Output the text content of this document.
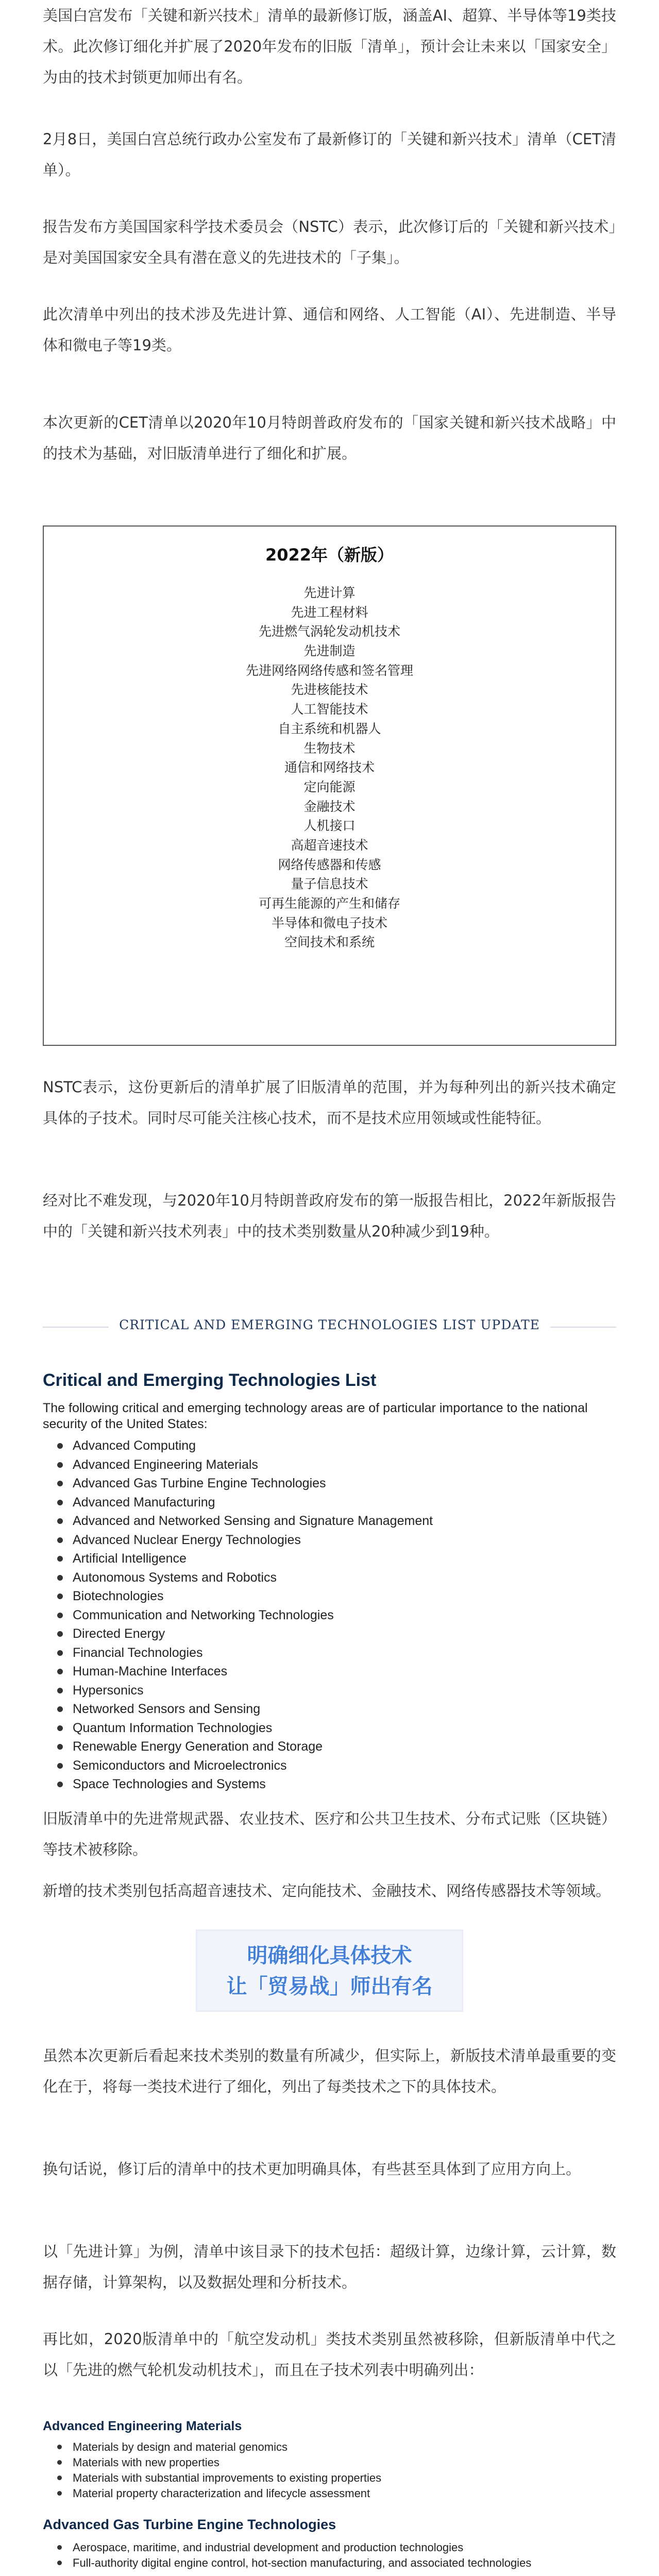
美国白宫发布「关键和新兴技术」清单的最新修订版，涵盖AI、超算、半导体等19类技术。此次修订细化并扩展了2020年发布的旧版「清单」，预计会让未来以「国家安全」为由的技术封锁更加师出有名。

2月8日，美国白宫总统行政办公室发布了最新修订的「关键和新兴技术」清单（CET清单）。

报告发布方美国国家科学技术委员会（NSTC）表示，此次修订后的「关键和新兴技术」是对美国国家安全具有潜在意义的先进技术的「子集」。

此次清单中列出的技术涉及先进计算、通信和网络、人工智能（AI）、先进制造、半导体和微电子等19类。

本次更新的CET清单以2020年10月特朗普政府发布的「国家关键和新兴技术战略」中的技术为基础，对旧版清单进行了细化和扩展。

2022年（新版）
先进计算
先进工程材料
先进燃气涡轮发动机技术
先进制造
先进网络网络传感和签名管理
先进核能技术
人工智能技术
自主系统和机器人
生物技术
通信和网络技术
定向能源
金融技术
人机接口
高超音速技术
网络传感器和传感
量子信息技术
可再生能源的产生和储存
半导体和微电子技术
空间技术和系统

NSTC表示，这份更新后的清单扩展了旧版清单的范围，并为每种列出的新兴技术确定具体的子技术。同时尽可能关注核心技术，而不是技术应用领域或性能特征。

经对比不难发现，与2020年10月特朗普政府发布的第一版报告相比，2022年新版报告中的「关键和新兴技术列表」中的技术类别数量从20种减少到19种。

CRITICAL AND EMERGING TECHNOLOGIES LIST UPDATE
Critical and Emerging Technologies List

The following critical and emerging technology areas are of particular importance to the national security of the United States:

Advanced Computing
Advanced Engineering Materials
Advanced Gas Turbine Engine Technologies
Advanced Manufacturing
Advanced and Networked Sensing and Signature Management
Advanced Nuclear Energy Technologies
Artificial Intelligence
Autonomous Systems and Robotics
Biotechnologies
Communication and Networking Technologies
Directed Energy
Financial Technologies
Human-Machine Interfaces
Hypersonics
Networked Sensors and Sensing
Quantum Information Technologies
Renewable Energy Generation and Storage
Semiconductors and Microelectronics
Space Technologies and Systems

旧版清单中的先进常规武器、农业技术、医疗和公共卫生技术、分布式记账（区块链）等技术被移除。

新增的技术类别包括高超音速技术、定向能技术、金融技术、网络传感器技术等领域。

明确细化具体技术
让「贸易战」师出有名

虽然本次更新后看起来技术类别的数量有所减少，但实际上，新版技术清单最重要的变化在于，将每一类技术进行了细化，列出了每类技术之下的具体技术。

换句话说，修订后的清单中的技术更加明确具体，有些甚至具体到了应用方向上。

以「先进计算」为例，清单中该目录下的技术包括：超级计算，边缘计算，云计算，数据存储，计算架构，以及数据处理和分析技术。

再比如，2020版清单中的「航空发动机」类技术类别虽然被移除，但新版清单中代之以「先进的燃气轮机发动机技术」，而且在子技术列表中明确列出：

Advanced Engineering Materials
Materials by design and material genomics
Materials with new properties
Materials with substantial improvements to existing properties
Material property characterization and lifecycle assessment
Advanced Gas Turbine Engine Technologies
Aerospace, maritime, and industrial development and production technologies
Full-authority digital engine control, hot-section manufacturing, and associated technologies
